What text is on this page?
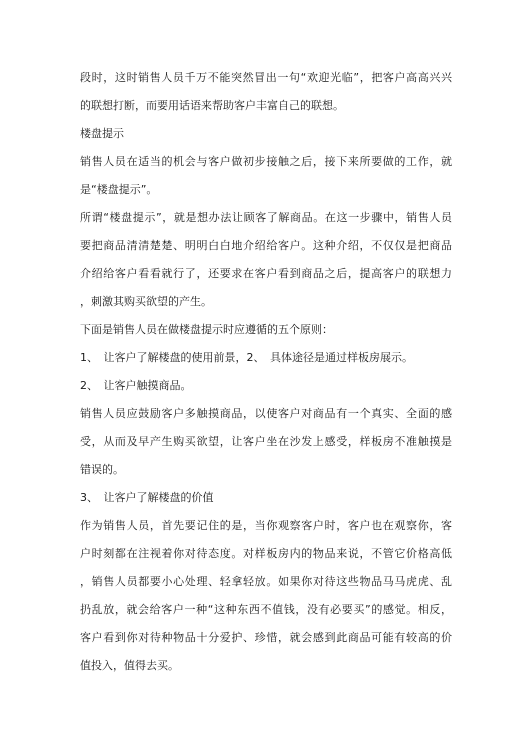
段时，这时销售人员千万不能突然冒出一句“欢迎光临”，把客户高高兴兴
的联想打断，而要用话语来帮助客户丰富自己的联想。
楼盘提示
销售人员在适当的机会与客户做初步接触之后，接下来所要做的工作，就
是“楼盘提示”。
所谓“楼盘提示”，就是想办法让顾客了解商品。在这一步骤中，销售人员
要把商品清清楚楚、明明白白地介绍给客户。这种介绍，不仅仅是把商品
介绍给客户看看就行了，还要求在客户看到商品之后，提高客户的联想力
，刺激其购买欲望的产生。
下面是销售人员在做楼盘提示时应遵循的五个原则：
1、　让客户了解楼盘的使用前景，2、　具体途径是通过样板房展示。
2、　让客户触摸商品。
销售人员应鼓励客户多触摸商品，以使客户对商品有一个真实、全面的感
受，从而及早产生购买欲望，让客户坐在沙发上感受，样板房不准触摸是
错误的。
3、　让客户了解楼盘的价值
作为销售人员，首先要记住的是，当你观察客户时，客户也在观察你，客
户时刻都在注视着你对待态度。对样板房内的物品来说，不管它价格高低
，销售人员都要小心处理、轻拿轻放。如果你对待这些物品马马虎虎、乱
扔乱放，就会给客户一种“这种东西不值钱，没有必要买”的感觉。相反，
客户看到你对待种物品十分爱护、珍惜，就会感到此商品可能有较高的价
值投入，值得去买。
